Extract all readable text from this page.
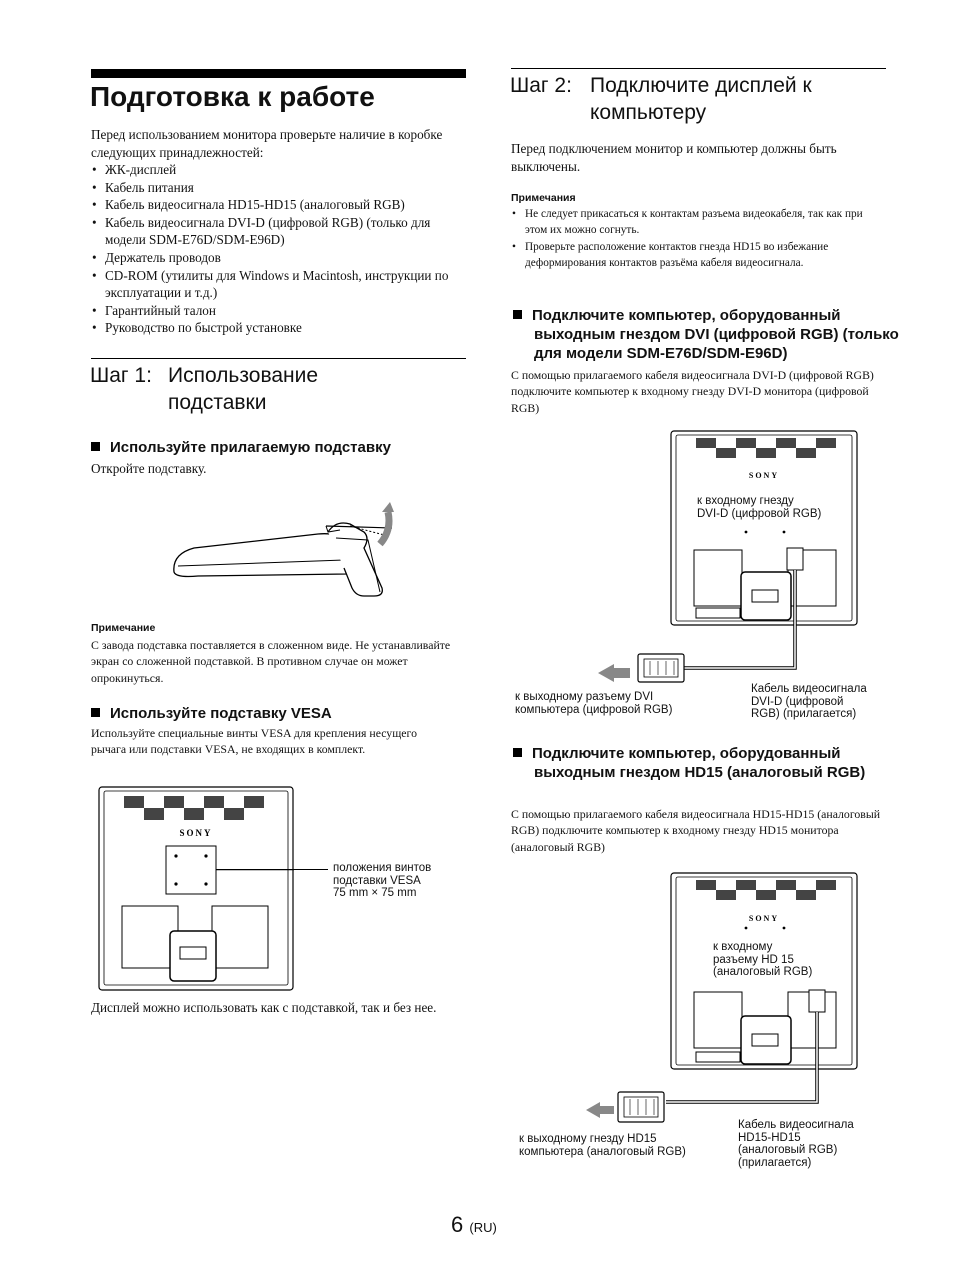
Подготовка к работе
Перед использованием монитора проверьте наличие в коробке следующих принадлежностей:
• ЖК-дисплей
• Кабель питания
• Кабель видеосигнала HD15-HD15 (аналоговый RGB)
• Кабель видеосигнала DVI-D (цифровой RGB) (только для модели SDM-E76D/SDM-E96D)
• Держатель проводов
• CD-ROM (утилиты для Windows и Macintosh, инструкции по эксплуатации и т.д.)
• Гарантийный талон
• Руководство по быстрой установке
Шаг 1: Использование
подставки
Используйте прилагаемую подставку
Откройте подставку.
Примечание
С завода подставка поставляется в сложенном виде. Не устанавливайте экран со сложенной подставкой. В противном случае он может опрокинуться.
Используйте подставку VESA
Используйте специальные винты VESA для крепления несущего рычага или подставки VESA, не входящих в комплект.
SONY
положения винтов
подставки VESA
75 mm × 75 mm
Дисплей можно использовать как с подставкой, так и без нее.
Шаг 2: Подключите дисплей к
компьютеру
Перед подключением монитор и компьютер должны быть выключены.
Примечания
• Не следует прикасаться к контактам разъема видеокабеля, так как при этом их можно согнуть.
• Проверьте расположение контактов гнезда HD15 во избежание деформирования контактов разъёма кабеля видеосигнала.
Подключите компьютер, оборудованный выходным гнездом DVI (цифровой RGB) (только для модели SDM-E76D/SDM-E96D)
С помощью прилагаемого кабеля видеосигнала DVI-D (цифровой RGB) подключите компьютер к входному гнезду DVI-D монитора (цифровой RGB)
SONY
к входному гнезду
DVI-D (цифровой RGB)
к выходному разъему DVI
компьютера (цифровой RGB)
Кабель видеосигнала
DVI-D (цифровой
RGB) (прилагается)
Подключите компьютер, оборудованный выходным гнездом HD15 (аналоговый RGB)
С помощью прилагаемого кабеля видеосигнала HD15-HD15 (аналоговый RGB) подключите компьютер к входному гнезду HD15 монитора (аналоговый RGB)
SONY
к входному
разъему HD 15
(аналоговый RGB)
к выходному гнезду HD15
компьютера (аналоговый RGB)
Кабель видеосигнала
HD15-HD15
(аналоговый RGB)
(прилагается)
6 (RU)
